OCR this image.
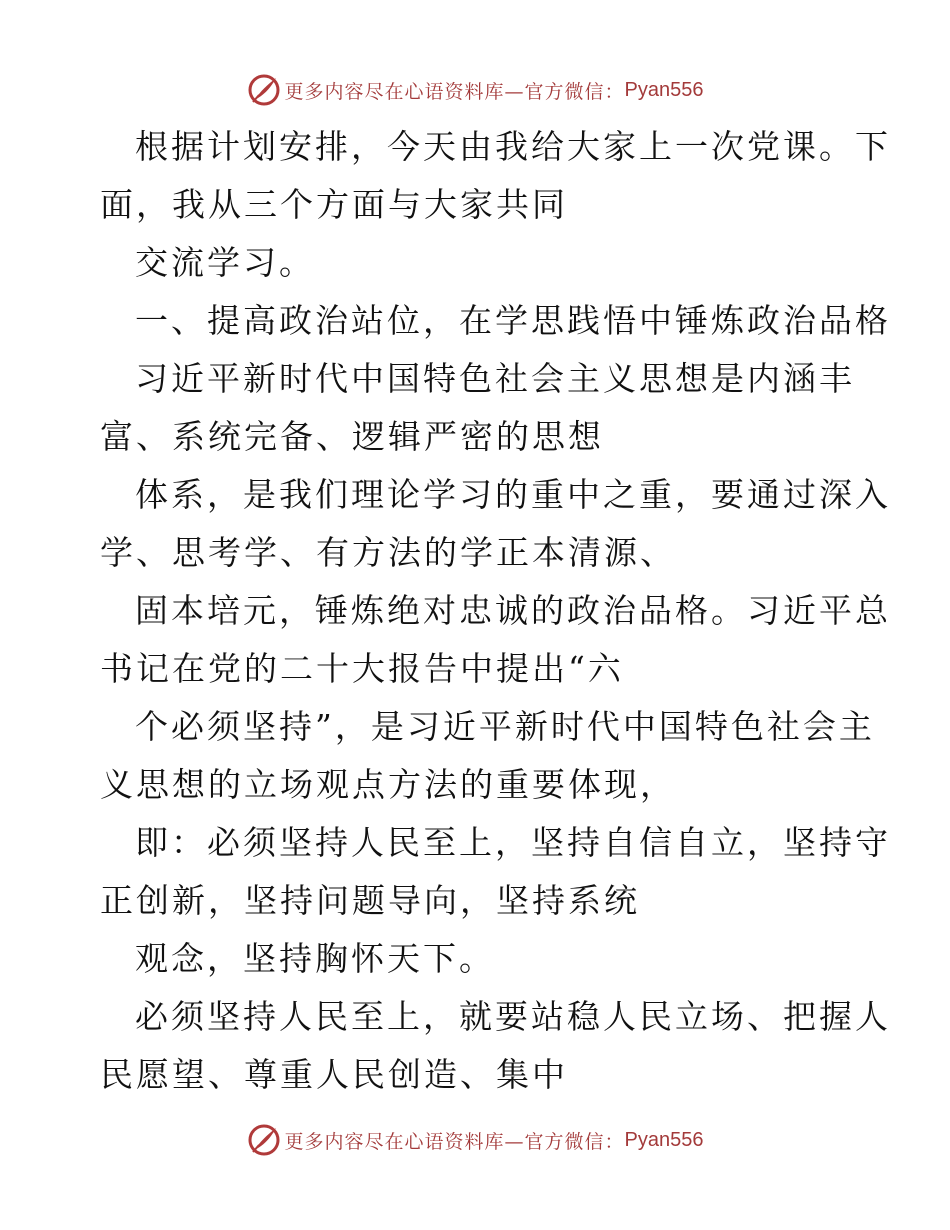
更多内容尽在心语资料库—官方微信： Pyan556
根据计划安排，今天由我给大家上一次党课。下
面，我从三个方面与大家共同
交流学习。
一、提高政治站位，在学思践悟中锤炼政治品格
习近平新时代中国特色社会主义思想是内涵丰
富、系统完备、逻辑严密的思想
体系，是我们理论学习的重中之重，要通过深入
学、思考学、有方法的学正本清源、
固本培元，锤炼绝对忠诚的政治品格。习近平总
书记在党的二十大报告中提出“六
个必须坚持”，是习近平新时代中国特色社会主
义思想的立场观点方法的重要体现，
即：必须坚持人民至上，坚持自信自立，坚持守
正创新，坚持问题导向，坚持系统
观念，坚持胸怀天下。
必须坚持人民至上，就要站稳人民立场、把握人
民愿望、尊重人民创造、集中
更多内容尽在心语资料库—官方微信： Pyan556
